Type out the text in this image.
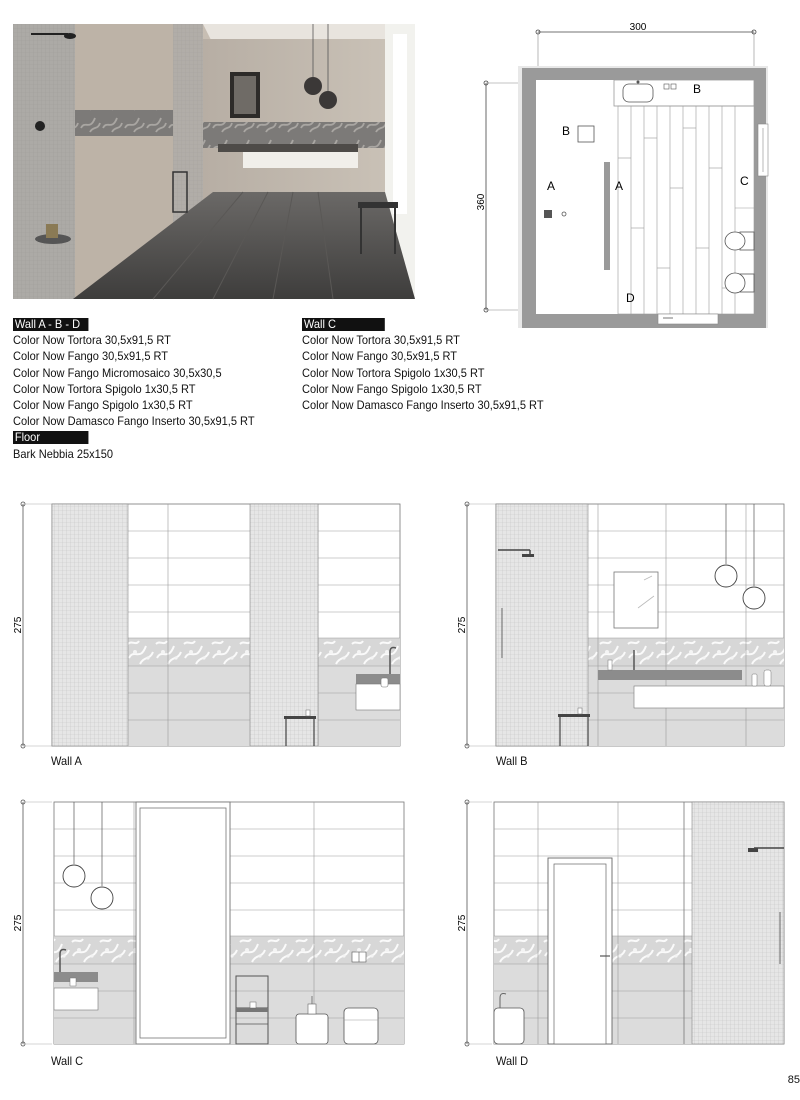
300
360
A	A
B
B
C
D
Wall A - B - D
Color Now Tortora 30,5x91,5 RT
Color Now Fango 30,5x91,5 RT
Color Now Fango Micromosaico 30,5x30,5
Color Now Tortora Spigolo 1x30,5 RT
Color Now Fango Spigolo 1x30,5 RT
Color Now Damasco Fango Inserto 30,5x91,5 RT
Floor
Bark Nebbia 25x150
Wall C
Color Now Tortora 30,5x91,5 RT
Color Now Fango 30,5x91,5 RT
Color Now Tortora Spigolo 1x30,5 RT
Color Now Fango Spigolo 1x30,5 RT
Color Now Damasco Fango Inserto 30,5x91,5 RT
275
Wall A
275
Wall B
275
Wall C
275
Wall D
85
